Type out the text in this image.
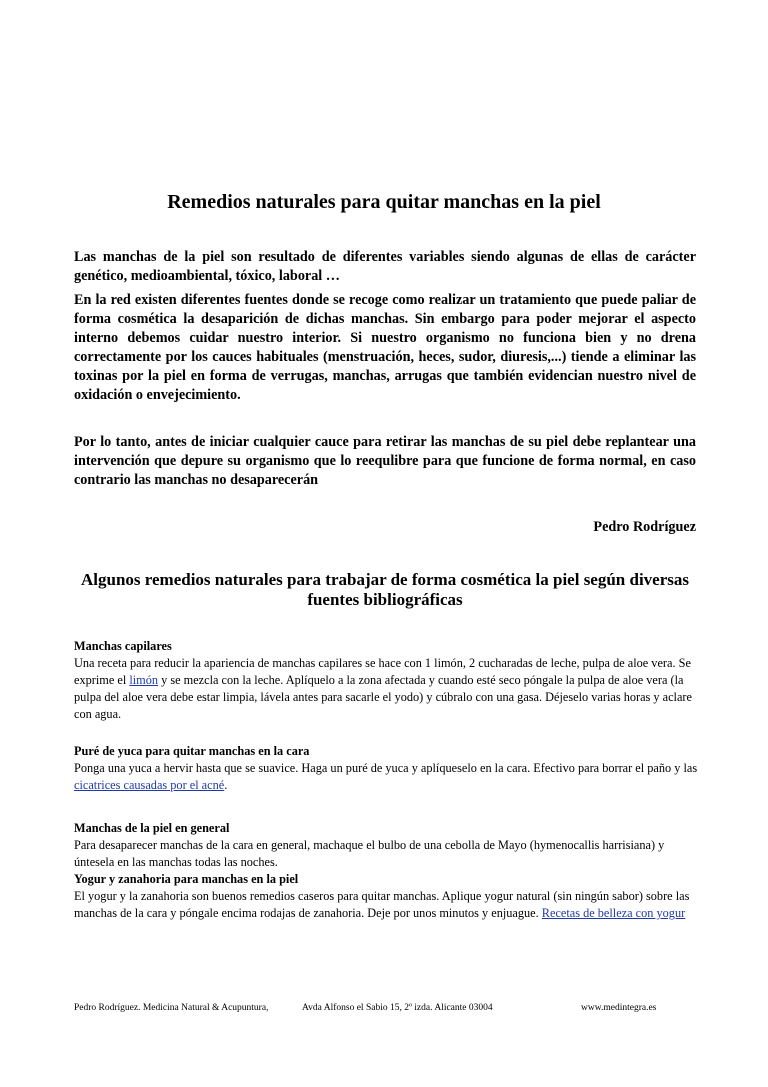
Remedios naturales para quitar manchas en la piel

Las manchas de la piel son resultado de diferentes variables siendo algunas de ellas de carácter genético, medioambiental, tóxico, laboral …

En la red existen diferentes fuentes donde se recoge como realizar un tratamiento que puede paliar de forma cosmética la desaparición de dichas manchas. Sin embargo para poder mejorar el aspecto interno debemos cuidar nuestro interior. Si nuestro organismo no funciona bien y no drena correctamente por los cauces habituales (menstruación, heces, sudor, diuresis,...) tiende a eliminar las toxinas por la piel en forma de verrugas, manchas, arrugas que también evidencian nuestro nivel de oxidación o envejecimiento.

Por lo tanto, antes de iniciar cualquier cauce para retirar las manchas de su piel debe replantear una intervención que depure su organismo que lo reequlibre para que funcione de forma normal, en caso contrario las manchas no desaparecerán

Pedro Rodríguez

Algunos remedios naturales para trabajar de forma cosmética la piel según diversas fuentes bibliográficas
Manchas capilares
Una receta para reducir la apariencia de manchas capilares se hace con 1 limón, 2 cucharadas de leche, pulpa de aloe vera. Se exprime el limón y se mezcla con la leche. Aplíquelo a la zona afectada y cuando esté seco póngale la pulpa de aloe vera (la pulpa del aloe vera debe estar limpia, lávela antes para sacarle el yodo) y cúbralo con una gasa. Déjeselo varias horas y aclare con agua.
Puré de yuca para quitar manchas en la cara
Ponga una yuca a hervir hasta que se suavice. Haga un puré de yuca y aplíqueselo en la cara. Efectivo para borrar el paño y las cicatrices causadas por el acné.
Manchas de la piel en general
Para desaparecer manchas de la cara en general, machaque el bulbo de una cebolla de Mayo (hymenocallis harrisiana) y úntesela en las manchas todas las noches.
Yogur y zanahoria para manchas en la piel
El yogur y la zanahoria son buenos remedios caseros para quitar manchas. Aplique yogur natural (sin ningún sabor) sobre las manchas de la cara y póngale encima rodajas de zanahoria. Deje por unos minutos y enjuague. Recetas de belleza con yogur
Pedro Rodríguez. Medicina Natural & Acupuntura,	Avda Alfonso el Sabio 15, 2º izda. Alicante 03004	www.medintegra.es
